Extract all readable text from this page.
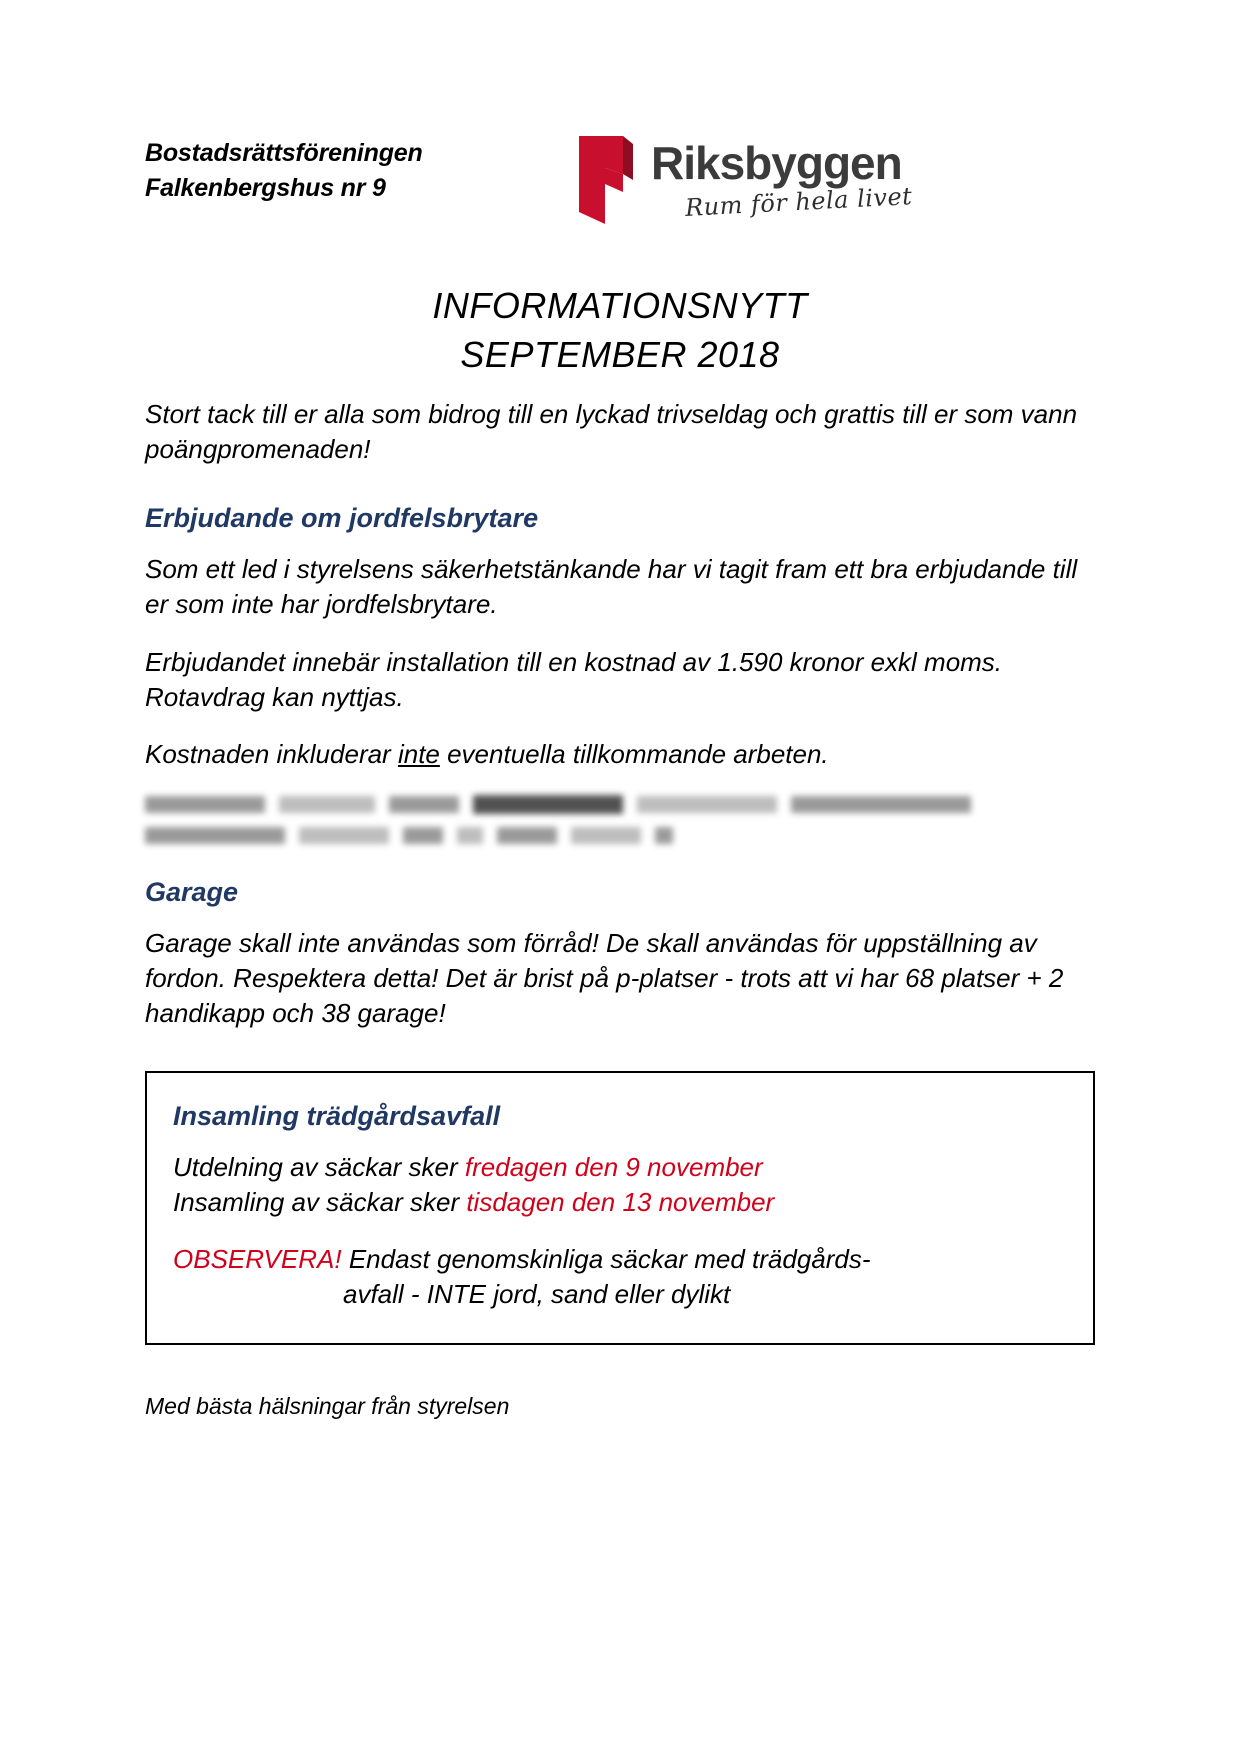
Bostadsrättsföreningen
Falkenbergshus nr 9	Riksbyggen
Rum för hela livet
INFORMATIONSNYTT
SEPTEMBER 2018

Stort tack till er alla som bidrog till en lyckad trivseldag och grattis till er som vann poängpromenaden!

Erbjudande om jordfelsbrytare

Som ett led i styrelsens säkerhetstänkande har vi tagit fram ett bra erbjudande till er som inte har jordfelsbrytare.

Erbjudandet innebär installation till en kostnad av 1.590 kronor exkl moms. Rotavdrag kan nyttjas.

Kostnaden inkluderar inte eventuella tillkommande arbeten.

Garage

Garage skall inte användas som förråd! De skall användas för uppställning av fordon. Respektera detta! Det är brist på p-platser - trots att vi har 68 platser + 2 handikapp och 38 garage!

Insamling trädgårdsavfall

Utdelning av säckar sker fredagen den 9 november
Insamling av säckar sker tisdagen den 13 november

OBSERVERA! Endast genomskinliga säckar med trädgårds-
avfall - INTE jord, sand eller dylikt

Med bästa hälsningar från styrelsen
